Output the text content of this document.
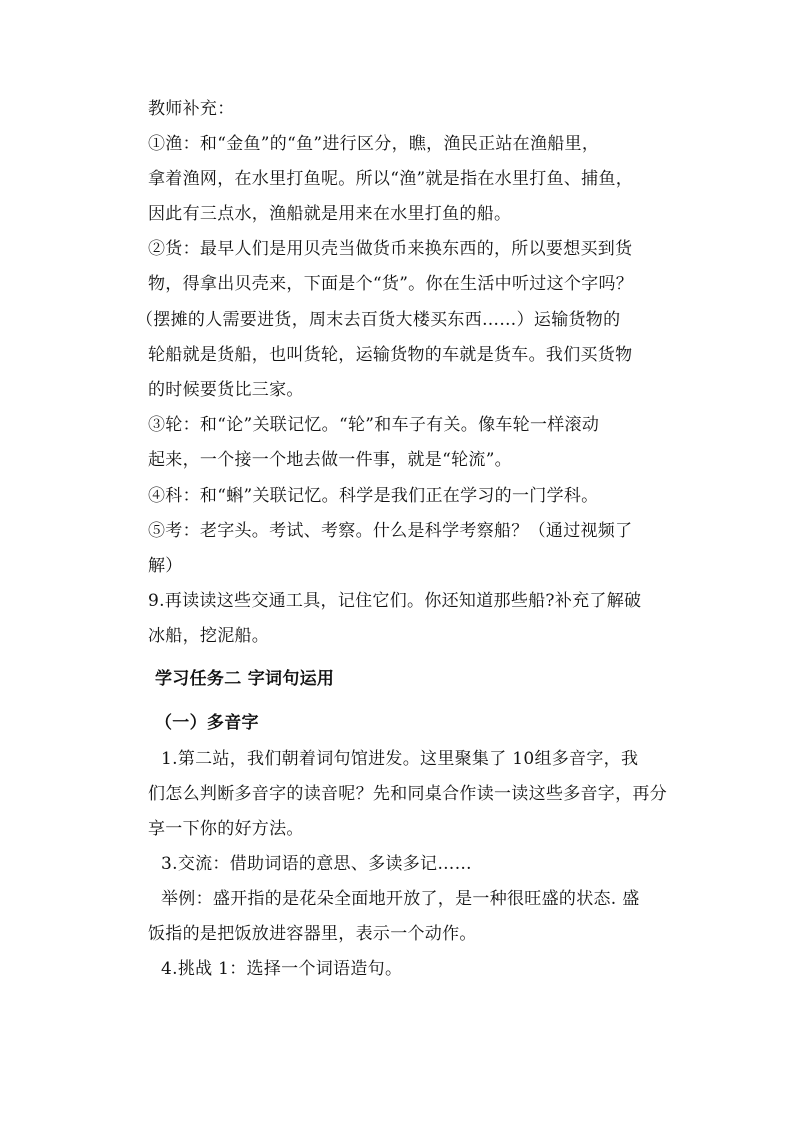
教师补充：
①渔：和“金鱼”的“鱼”进行区分，瞧，渔民正站在渔船里，
拿着渔网，在水里打鱼呢。所以“渔”就是指在水里打鱼、捕鱼，
因此有三点水，渔船就是用来在水里打鱼的船。
②货：最早人们是用贝壳当做货币来换东西的，所以要想买到货
物，得拿出贝壳来，下面是个“货”。你在生活中听过这个字吗？
（摆摊的人需要进货，周末去百货大楼买东西……）运输货物的
轮船就是货船，也叫货轮，运输货物的车就是货车。我们买货物
的时候要货比三家。
③轮：和“论”关联记忆。“轮”和车子有关。像车轮一样滚动
起来，一个接一个地去做一件事，就是“轮流”。
④科：和“蝌”关联记忆。科学是我们正在学习的一门学科。
⑤考：老字头。考试、考察。什么是科学考察船？（通过视频了
解）
9.再读读这些交通工具，记住它们。你还知道那些船?补充了解破
冰船，挖泥船。
学习任务二 字词句运用
（一）多音字
1.第二站，我们朝着词句馆进发。这里聚集了 10组多音字，我
们怎么判断多音字的读音呢？先和同桌合作读一读这些多音字，再分
享一下你的好方法。
3.交流：借助词语的意思、多读多记……
举例：盛开指的是花朵全面地开放了，是一种很旺盛的状态. 盛
饭指的是把饭放进容器里，表示一个动作。
4.挑战 1：选择一个词语造句。
